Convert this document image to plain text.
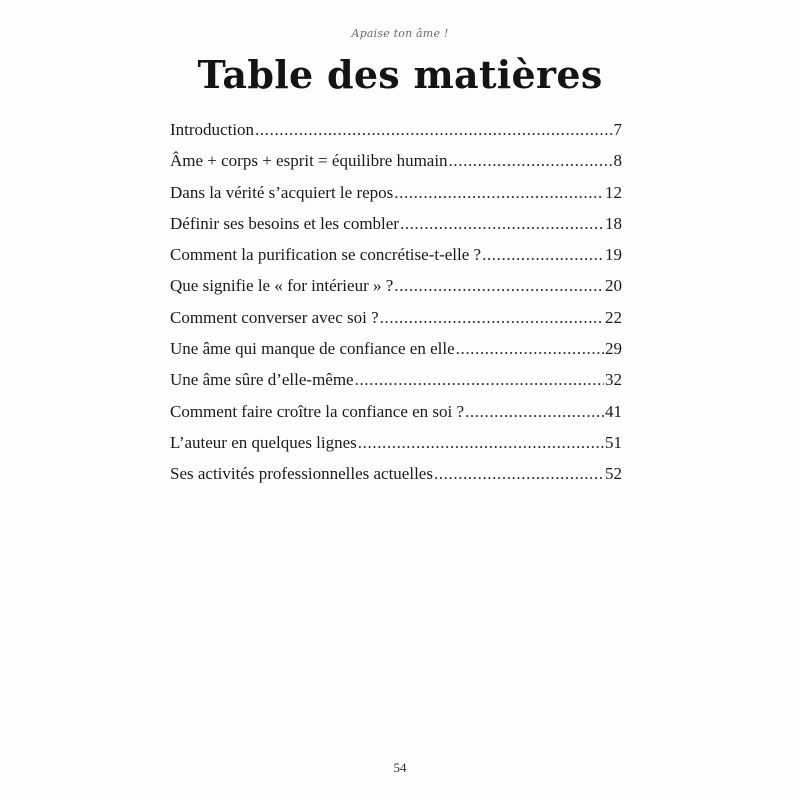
Apaise ton âme !
Table des matières
Introduction .....	7
Âme + corps + esprit = équilibre humain .....	8
Dans la vérité s’acquiert le repos .....	12
Définir ses besoins et les combler .....	18
Comment la purification se concrétise-t-elle ? .....	19
Que signifie le « for intérieur » ? .....	20
Comment converser avec soi ? .....	22
Une âme qui manque de confiance en elle .....	29
Une âme sûre d’elle-même .....	32
Comment faire croître la confiance en soi ? .....	41
L’auteur en quelques lignes .....	51
Ses activités professionnelles actuelles .....	52
54
